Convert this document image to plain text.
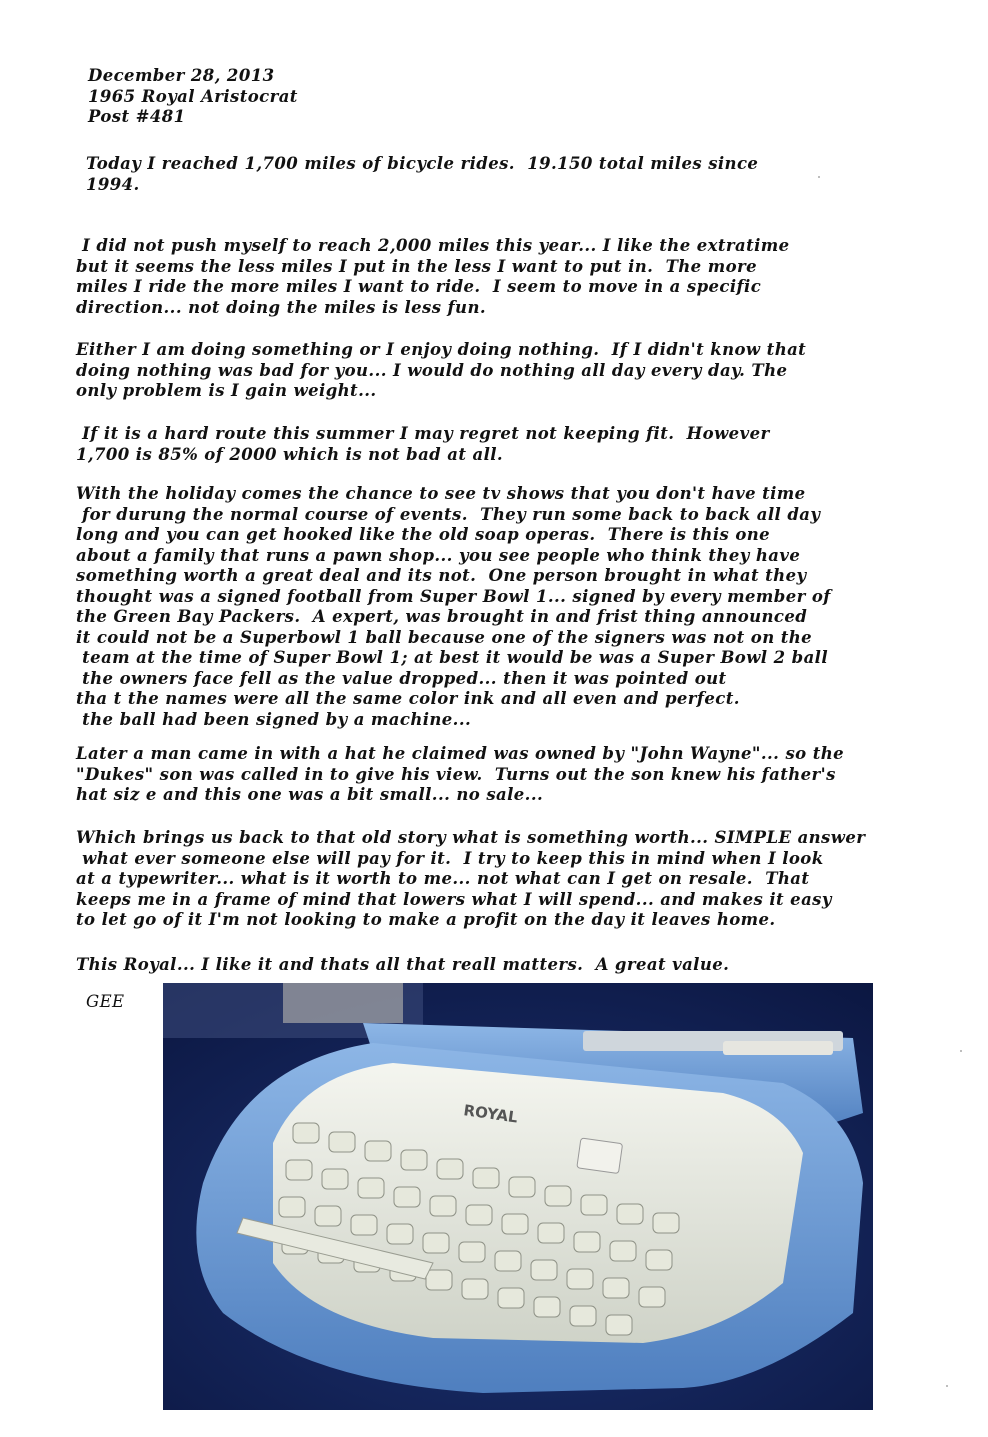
December 28, 2013
1965 Royal Aristocrat
Post #481
Today I reached 1,700 miles of bicycle rides.  19.150 total miles since
1994.
I did not push myself to reach 2,000 miles this year... I like the extratime
but it seems the less miles I put in the less I want to put in.  The more
miles I ride the more miles I want to ride.  I seem to move in a specific
direction... not doing the miles is less fun.
Either I am doing something or I enjoy doing nothing.  If I didn't know that
doing nothing was bad for you... I would do nothing all day every day. The
only problem is I gain weight...
If it is a hard route this summer I may regret not keeping fit.  However
1,700 is 85% of 2000 which is not bad at all.
With the holiday comes the chance to see tv shows that you don't have time
for durung the normal course of events.  They run some back to back all day
long and you can get hooked like the old soap operas.  There is this one
about a family that runs a pawn shop... you see people who think they have
something worth a great deal and its not.  One person brought in what they
thought was a signed football from Super Bowl 1... signed by every member of
the Green Bay Packers.  A expert, was brought in and frist thing announced
it could not be a Superbowl 1 ball because one of the signers was not on the
team at the time of Super Bowl 1; at best it would be was a Super Bowl 2 ball
the owners face fell as the value dropped... then it was pointed out
tha t the names were all the same color ink and all even and perfect.
the ball had been signed by a machine...
Later a man came in with a hat he claimed was owned by "John Wayne"... so the
"Dukes" son was called in to give his view.  Turns out the son knew his father's
hat siz e and this one was a bit small... no sale...
Which brings us back to that old story what is something worth... SIMPLE answer
what ever someone else will pay for it.  I try to keep this in mind when I look
at a typewriter... what is it worth to me... not what can I get on resale.  That
keeps me in a frame of mind that lowers what I will spend... and makes it easy
to let go of it I'm not looking to make a profit on the day it leaves home.
This Royal... I like it and thats all that reall matters.  A great value.
GEE
ROYAL
